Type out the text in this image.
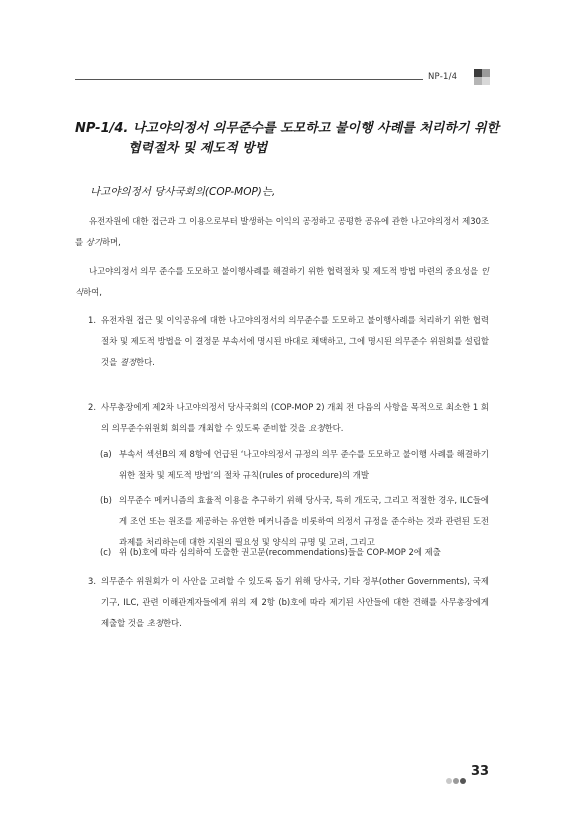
NP-1/4
NP-1/4. 나고야의정서 의무준수를 도모하고 불이행 사례를 처리하기 위한
협력절차 및 제도적 방법
나고야의정서 당사국회의(COP-MOP)는,
유전자원에 대한 접근과 그 이용으로부터 발생하는 이익의 공정하고 공평한 공유에 관한 나고야의정서 제30조를 상기하며,
나고야의정서 의무 준수를 도모하고 불이행사례를 해결하기 위한 협력절차 및 제도적 방법 마련의 중요성을 인식하여,
1. 유전자원 접근 및 이익공유에 대한 나고야의정서의 의무준수를 도모하고 불이행사례를 처리하기 위한 협력절차 및 제도적 방법을 이 결정문 부속서에 명시된 바대로 채택하고, 그에 명시된 의무준수 위원회를 설립할 것을 결정한다.
2. 사무총장에게 제2차 나고야의정서 당사국회의 (COP-MOP 2) 개최 전 다음의 사항을 목적으로 최소한 1 회의 의무준수위원회 회의를 개최할 수 있도록 준비할 것을 요청한다.
(a) 부속서 섹션B의 제 8항에 언급된 ‘나고야의정서 규정의 의무 준수를 도모하고 불이행 사례를 해결하기 위한 절차 및 제도적 방법’의 절차 규칙(rules of procedure)의 개발
(b) 의무준수 메커니즘의 효율적 이용을 추구하기 위해 당사국, 특히 개도국, 그리고 적절한 경우, ILC들에게 조언 또는 원조를 제공하는 유연한 메커니즘을 비롯하여 의정서 규정을 준수하는 것과 관련된 도전과제를 처리하는데 대한 지원의 필요성 및 양식의 규명 및 고려, 그리고
(c) 위 (b)호에 따라 심의하여 도출한 권고문(recommendations)들을 COP-MOP 2에 제출
3. 의무준수 위원회가 이 사안을 고려할 수 있도록 돕기 위해 당사국, 기타 정부(other Governments), 국제 기구, ILC, 관련 이해관계자들에게 위의 제 2항 (b)호에 따라 제기된 사안들에 대한 견해를 사무총장에게 제출할 것을 초청한다.
33
